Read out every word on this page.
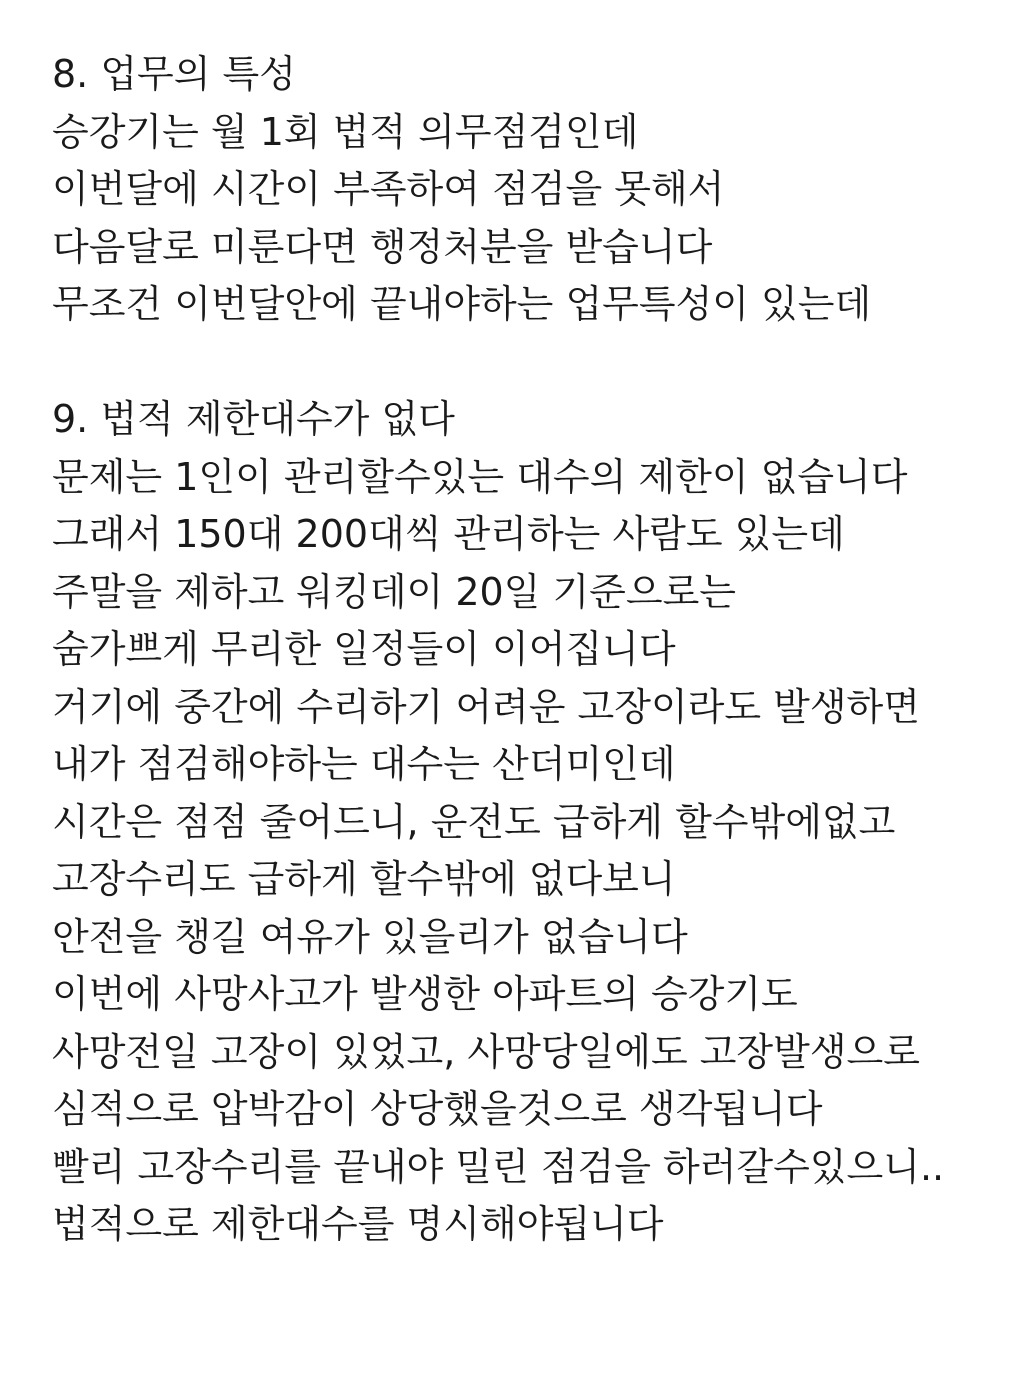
8. 업무의 특성
승강기는 월 1회 법적 의무점검인데
이번달에 시간이 부족하여 점검을 못해서
다음달로 미룬다면 행정처분을 받습니다
무조건 이번달안에 끝내야하는 업무특성이 있는데
9. 법적 제한대수가 없다
문제는 1인이 관리할수있는 대수의 제한이 없습니다
그래서 150대 200대씩 관리하는 사람도 있는데
주말을 제하고 워킹데이 20일 기준으로는
숨가쁘게 무리한 일정들이 이어집니다
거기에 중간에 수리하기 어려운 고장이라도 발생하면
내가 점검해야하는 대수는 산더미인데
시간은 점점 줄어드니, 운전도 급하게 할수밖에없고
고장수리도 급하게 할수밖에 없다보니
안전을 챙길 여유가 있을리가 없습니다
이번에 사망사고가 발생한 아파트의 승강기도
사망전일 고장이 있었고, 사망당일에도 고장발생으로
심적으로 압박감이 상당했을것으로 생각됩니다
빨리 고장수리를 끝내야 밀린 점검을 하러갈수있으니..
법적으로 제한대수를 명시해야됩니다
